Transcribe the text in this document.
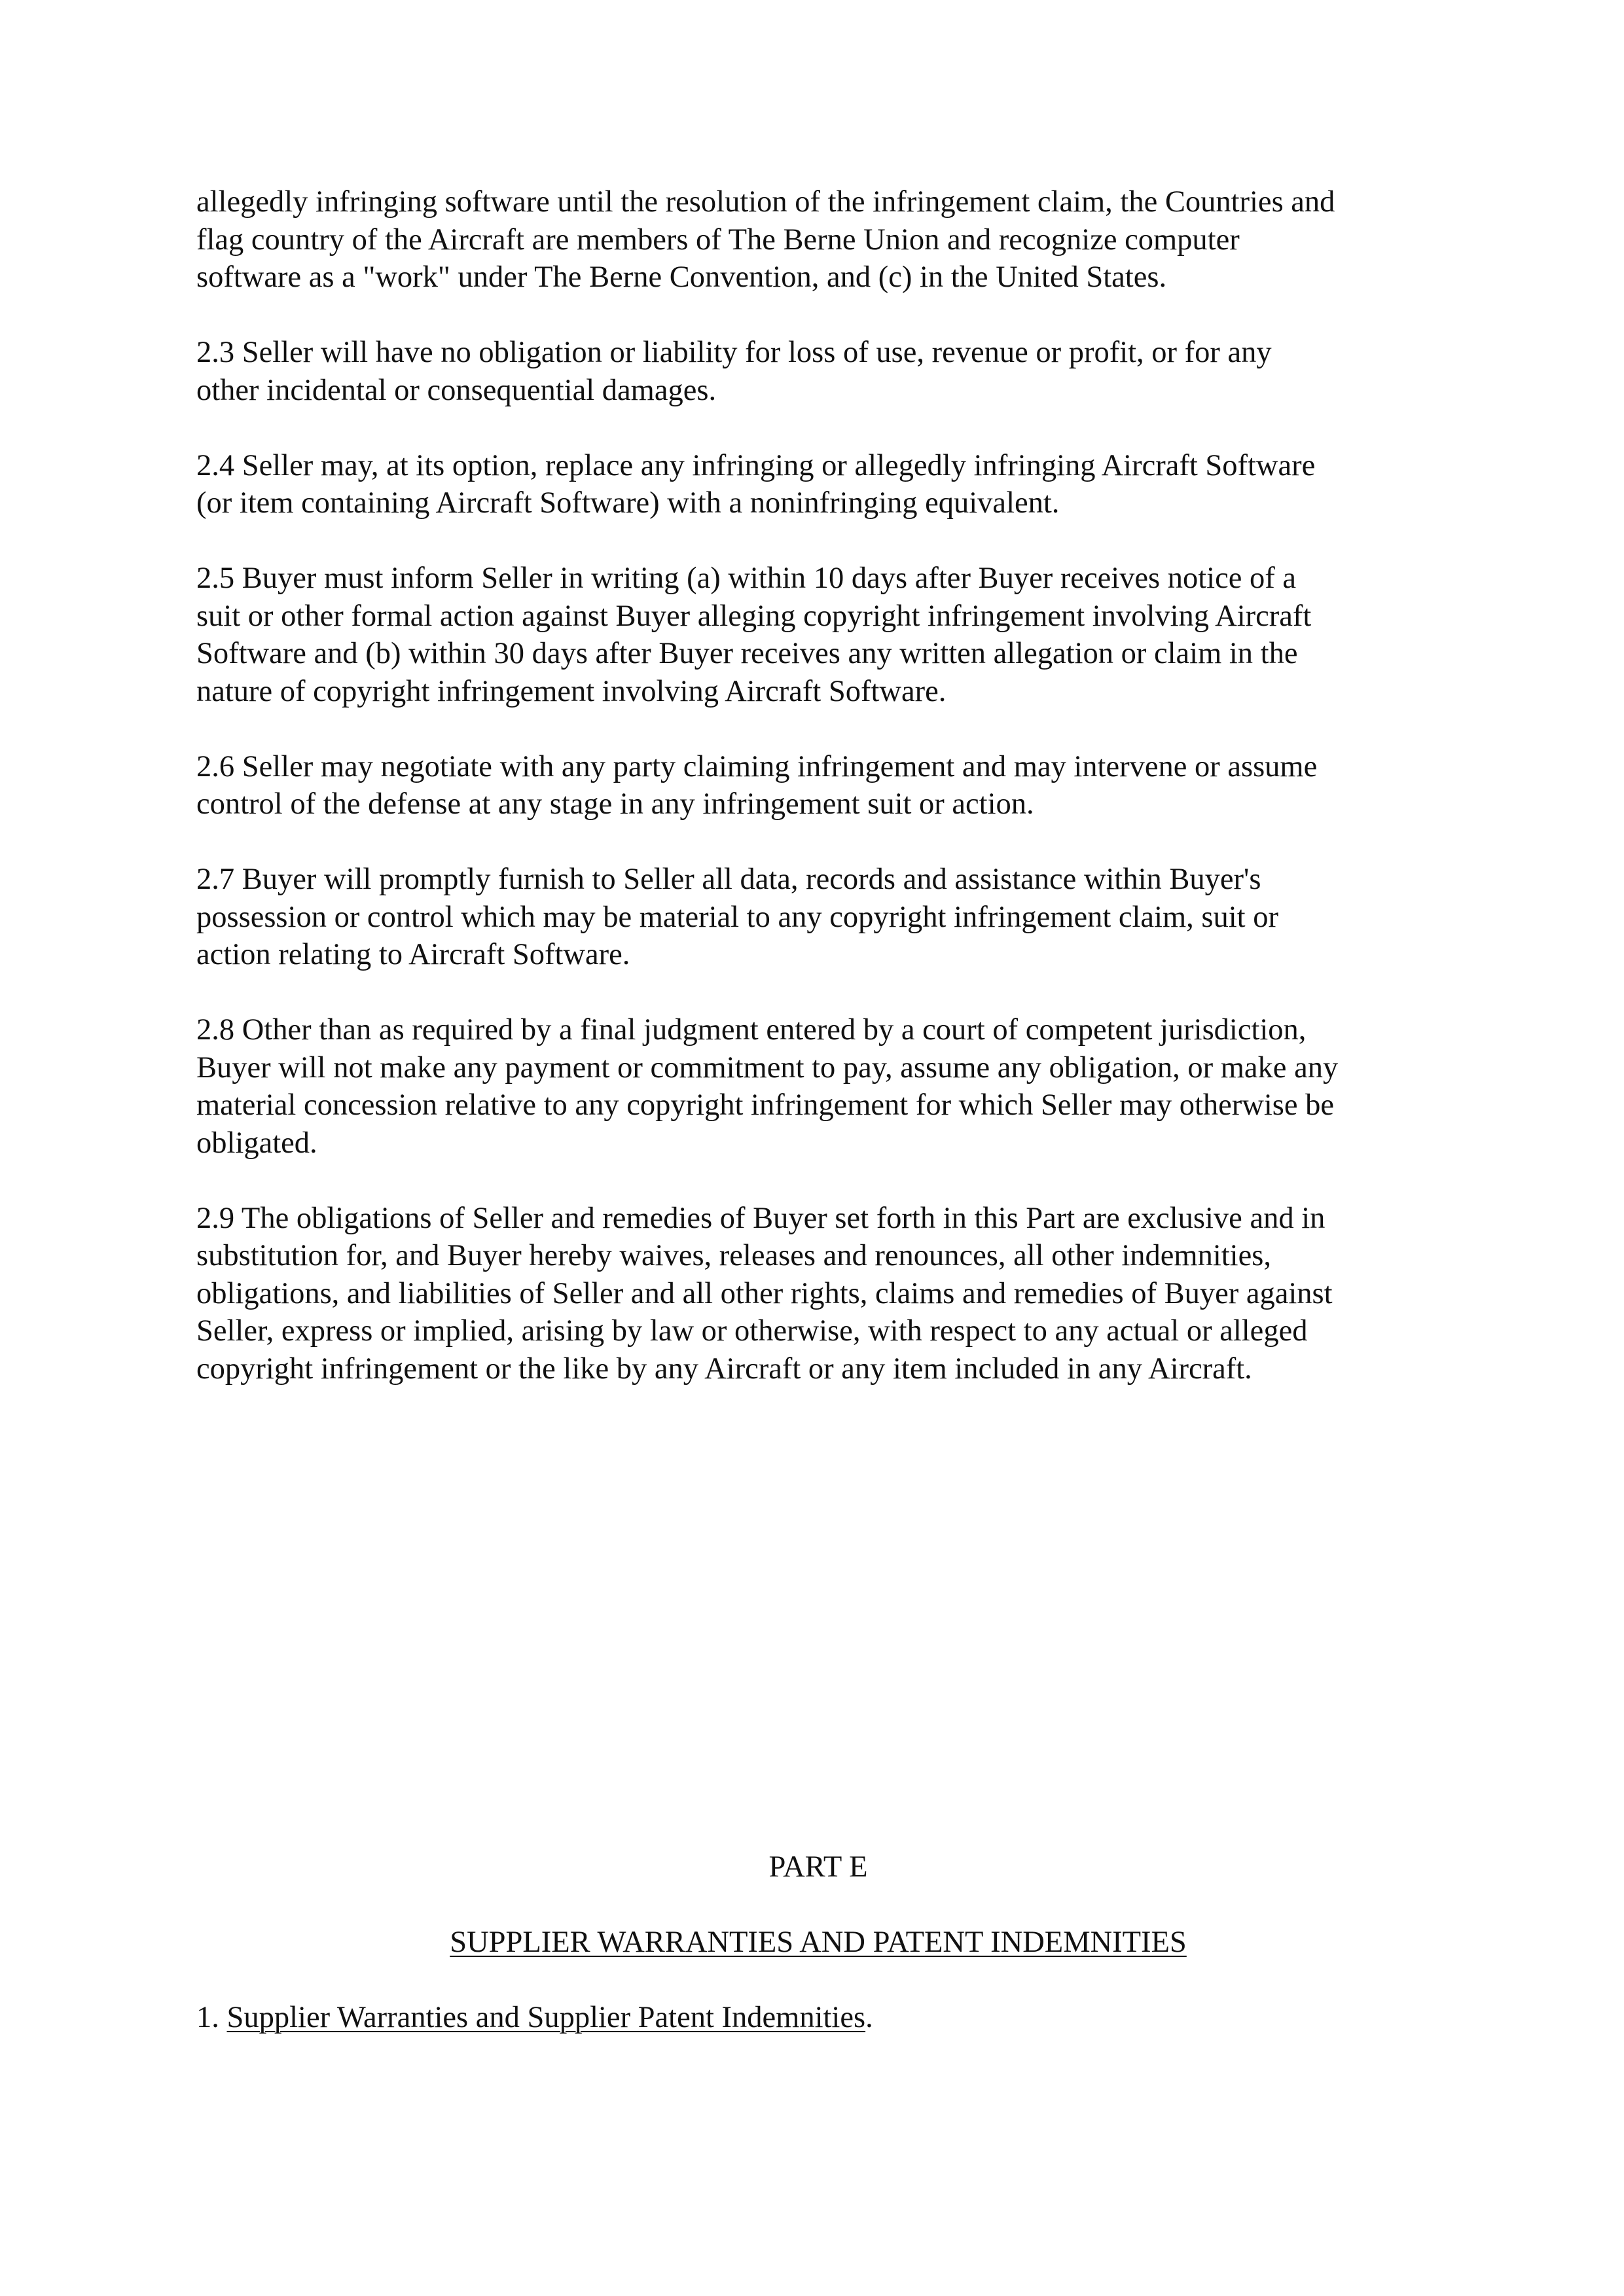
allegedly infringing software until the resolution of the infringement claim, the Countries and
flag country of the Aircraft are members of The Berne Union and recognize computer
software as a "work" under The Berne Convention, and (c) in the United States.

2.3 Seller will have no obligation or liability for loss of use, revenue or profit, or for any
other incidental or consequential damages.

2.4 Seller may, at its option, replace any infringing or allegedly infringing Aircraft Software
(or item containing Aircraft Software) with a noninfringing equivalent.

2.5 Buyer must inform Seller in writing (a) within 10 days after Buyer receives notice of a
suit or other formal action against Buyer alleging copyright infringement involving Aircraft
Software and (b) within 30 days after Buyer receives any written allegation or claim in the
nature of copyright infringement involving Aircraft Software.

2.6 Seller may negotiate with any party claiming infringement and may intervene or assume
control of the defense at any stage in any infringement suit or action.

2.7 Buyer will promptly furnish to Seller all data, records and assistance within Buyer's
possession or control which may be material to any copyright infringement claim, suit or
action relating to Aircraft Software.

2.8 Other than as required by a final judgment entered by a court of competent jurisdiction,
Buyer will not make any payment or commitment to pay, assume any obligation, or make any
material concession relative to any copyright infringement for which Seller may otherwise be
obligated.

2.9 The obligations of Seller and remedies of Buyer set forth in this Part are exclusive and in
substitution for, and Buyer hereby waives, releases and renounces, all other indemnities,
obligations, and liabilities of Seller and all other rights, claims and remedies of Buyer against
Seller, express or implied, arising by law or otherwise, with respect to any actual or alleged
copyright infringement or the like by any Aircraft or any item included in any Aircraft.

PART E
SUPPLIER WARRANTIES AND PATENT INDEMNITIES
1. Supplier Warranties and Supplier Patent Indemnities.
